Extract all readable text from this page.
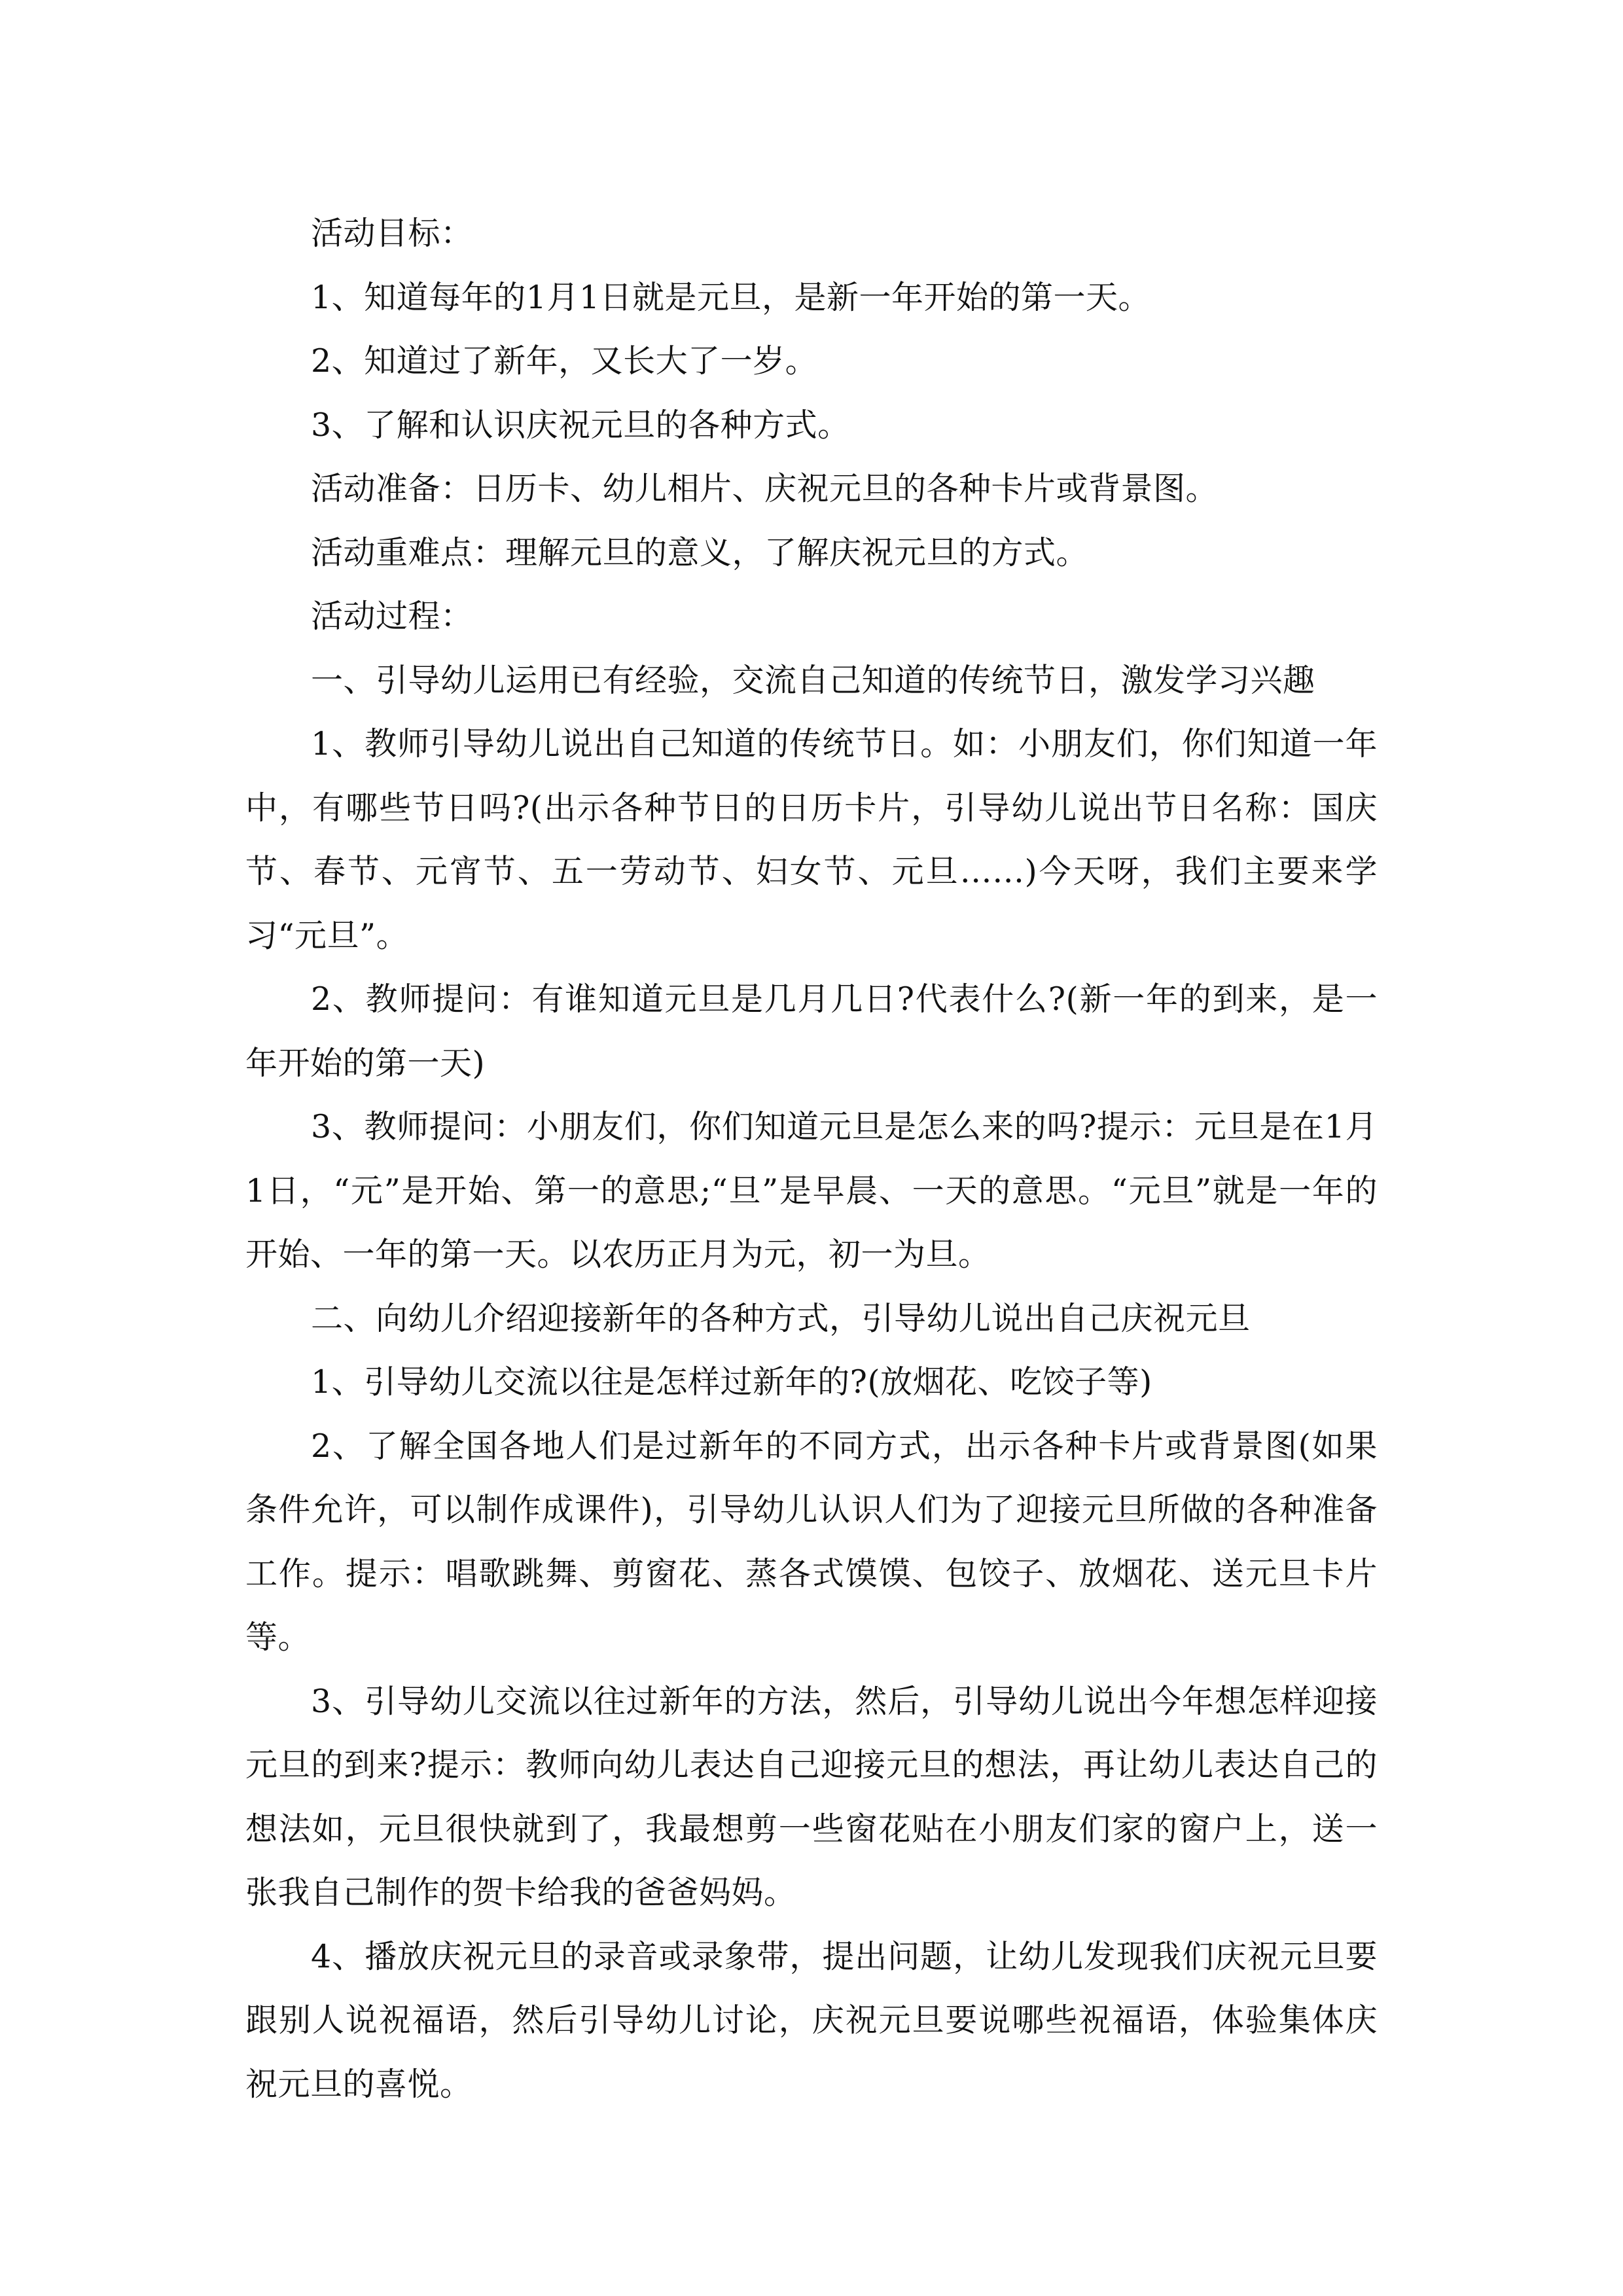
活动目标：

1、知道每年的1月1日就是元旦，是新一年开始的第一天。

2、知道过了新年，又长大了一岁。

3、了解和认识庆祝元旦的各种方式。

活动准备：日历卡、幼儿相片、庆祝元旦的各种卡片或背景图。

活动重难点：理解元旦的意义，了解庆祝元旦的方式。

活动过程：

一、引导幼儿运用已有经验，交流自己知道的传统节日，激发学习兴趣

1、教师引导幼儿说出自己知道的传统节日。如：小朋友们，你们知道一年中，有哪些节日吗?(出示各种节日的日历卡片，引导幼儿说出节日名称：国庆节、春节、元宵节、五一劳动节、妇女节、元旦……)今天呀，我们主要来学习“元旦”。

2、教师提问：有谁知道元旦是几月几日?代表什么?(新一年的到来，是一年开始的第一天)

3、教师提问：小朋友们，你们知道元旦是怎么来的吗?提示：元旦是在1月1日，“元”是开始、第一的意思;“旦”是早晨、一天的意思。“元旦”就是一年的开始、一年的第一天。以农历正月为元，初一为旦。

二、向幼儿介绍迎接新年的各种方式，引导幼儿说出自己庆祝元旦

1、引导幼儿交流以往是怎样过新年的?(放烟花、吃饺子等)

2、了解全国各地人们是过新年的不同方式，出示各种卡片或背景图(如果条件允许，可以制作成课件)，引导幼儿认识人们为了迎接元旦所做的各种准备工作。提示：唱歌跳舞、剪窗花、蒸各式馍馍、包饺子、放烟花、送元旦卡片等。

3、引导幼儿交流以往过新年的方法，然后，引导幼儿说出今年想怎样迎接元旦的到来?提示：教师向幼儿表达自己迎接元旦的想法，再让幼儿表达自己的想法如，元旦很快就到了，我最想剪一些窗花贴在小朋友们家的窗户上，送一张我自己制作的贺卡给我的爸爸妈妈。

4、播放庆祝元旦的录音或录象带，提出问题，让幼儿发现我们庆祝元旦要跟别人说祝福语，然后引导幼儿讨论，庆祝元旦要说哪些祝福语，体验集体庆祝元旦的喜悦。
